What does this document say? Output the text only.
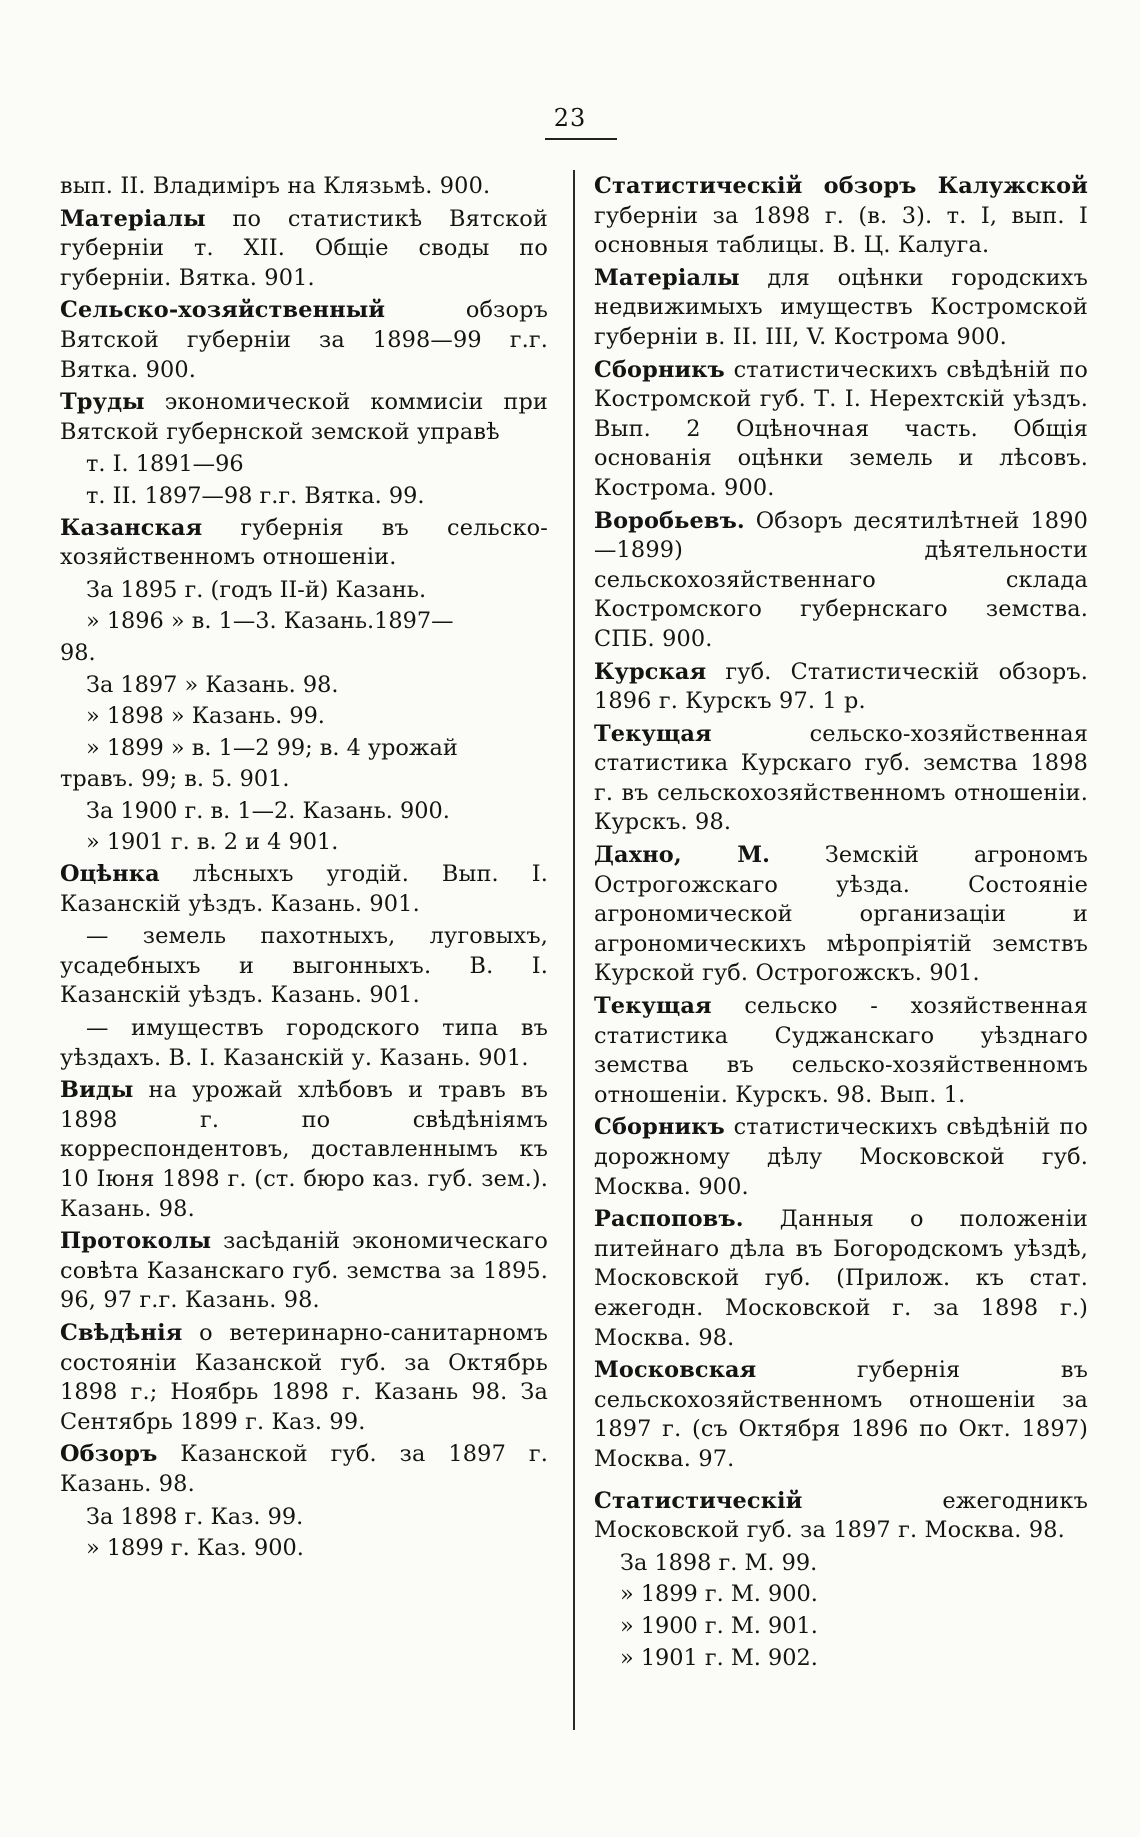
23
вып. II. Владиміръ на Клязьмѣ. 900.
Матеріалы по статистикѣ Вятской губерніи т. XII. Общіе своды по губерніи. Вятка. 901.
Сельско-хозяйственный обзоръ Вятской губерніи за 1898—99 г.г. Вятка. 900.
Труды экономической коммисіи при Вятской губернской земской управѣ
т. I. 1891—96
т. II. 1897—98 г.г. Вятка. 99.
Казанская губернія въ сельско-хозяйственномъ отношеніи.
За 1895 г. (годъ II-й) Казань.
» 1896 » в. 1—3. Казань.1897—
98.
За 1897 » Казань. 98.
» 1898 » Казань. 99.
» 1899 » в. 1—2 99; в. 4 урожай
травъ. 99; в. 5. 901.
За 1900 г. в. 1—2. Казань. 900.
» 1901 г. в. 2 и 4 901.
Оцѣнка лѣсныхъ угодій. Вып. I. Казанскій уѣздъ. Казань. 901.
— земель пахотныхъ, луговыхъ, усадебныхъ и выгонныхъ. В. I. Казанскій уѣздъ. Казань. 901.
— имуществъ городского типа въ уѣздахъ. В. I. Казанскій у. Казань. 901.
Виды на урожай хлѣбовъ и травъ въ 1898 г. по свѣдѣніямъ корреспондентовъ, доставленнымъ къ 10 Іюня 1898 г. (ст. бюро каз. губ. зем.). Казань. 98.
Протоколы засѣданій экономическаго совѣта Казанскаго губ. земства за 1895. 96, 97 г.г. Казань. 98.
Свѣдѣнія о ветеринарно-санитарномъ состояніи Казанской губ. за Октябрь 1898 г.; Ноябрь 1898 г. Казань 98. За Сентябрь 1899 г. Каз. 99.
Обзоръ Казанской губ. за 1897 г. Казань. 98.
За 1898 г. Каз. 99.
» 1899 г. Каз. 900.
Статистическій обзоръ Калужской губерніи за 1898 г. (в. 3). т. I, вып. I основныя таблицы. В. Ц. Калуга.
Матеріалы для оцѣнки городскихъ недвижимыхъ имуществъ Костромской губерніи в. II. III, V. Кострома 900.
Сборникъ статистическихъ свѣдѣній по Костромской губ. Т. I. Нерехтскій уѣздъ. Вып. 2 Оцѣночная часть. Общія основанія оцѣнки земель и лѣсовъ. Кострома. 900.
Воробьевъ. Обзоръ десятилѣтней 1890—1899) дѣятельности сельскохозяйственнаго склада Костромского губернскаго земства. СПБ. 900.
Курская губ. Статистическій обзоръ. 1896 г. Курскъ 97. 1 р.
Текущая сельско-хозяйственная статистика Курскаго губ. земства 1898 г. въ сельскохозяйственномъ отношеніи. Курскъ. 98.
Дахно, М. Земскій агрономъ Острогожскаго уѣзда. Состояніе агрономической организаціи и агрономическихъ мѣропріятій земствъ Курской губ. Острогожскъ. 901.
Текущая сельско - хозяйственная статистика Суджанскаго уѣзднаго земства въ сельско-хозяйственномъ отношеніи. Курскъ. 98. Вып. 1.
Сборникъ статистическихъ свѣдѣній по дорожному дѣлу Московской губ. Москва. 900.
Распоповъ. Данныя о положеніи питейнаго дѣла въ Богородскомъ уѣздѣ, Московской губ. (Прилож. къ стат. ежегодн. Московской г. за 1898 г.) Москва. 98.
Московская губернія въ сельскохозяйственномъ отношеніи за 1897 г. (съ Октября 1896 по Окт. 1897) Москва. 97.
Статистическій ежегодникъ Московской губ. за 1897 г. Москва. 98.
За 1898 г. М. 99.
» 1899 г. М. 900.
» 1900 г. М. 901.
» 1901 г. М. 902.
